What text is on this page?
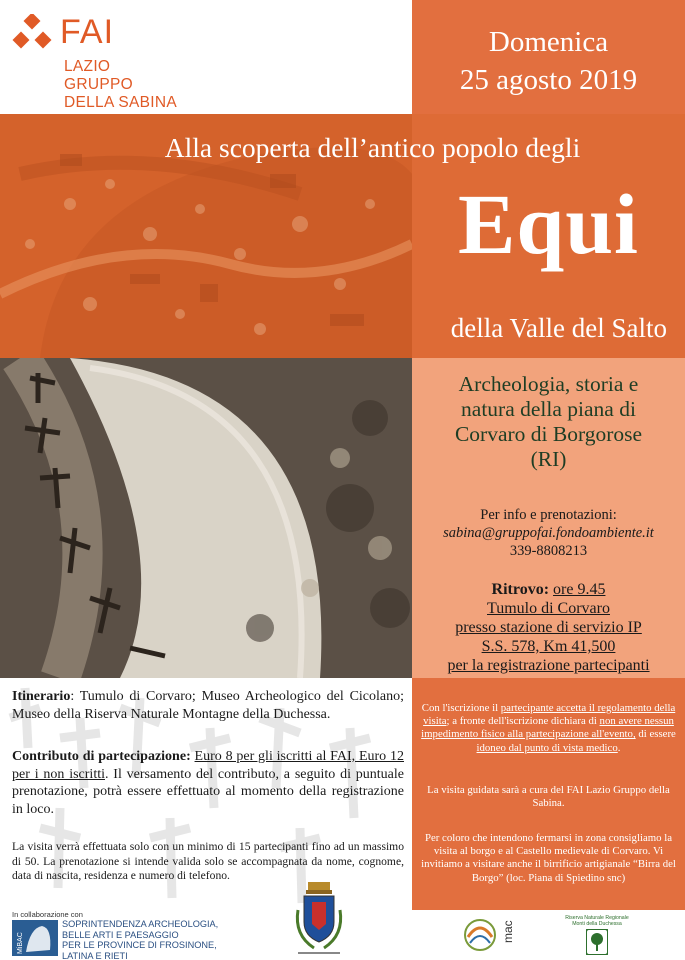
FAI
LAZIO
GRUPPO
DELLA SABINA
Domenica
25 agosto 2019
Alla scoperta dell’antico popolo degli
Equi
della Valle del Salto
Archeologia, storia e
natura della piana di
Corvaro di Borgorose
(RI)
Per info e prenotazioni:
sabina@gruppofai.fondoambiente.it
339-8808213
Ritrovo: ore 9.45
Tumulo di Corvaro
presso stazione di servizio IP
S.S. 578, Km 41,500
per la registrazione partecipanti
Itinerario: Tumulo di Corvaro; Museo Archeologico del Cicolano; Museo della Riserva Naturale Montagne della Duchessa.
Contributo di partecipazione: Euro 8 per gli iscritti al FAI, Euro 12 per i non iscritti. Il versamento del contributo, a seguito di puntuale prenotazione, potrà essere effettuato al momento della registrazione in loco.
La visita verrà effettuata solo con un minimo di 15 partecipanti fino ad un massimo di 50. La prenotazione si intende valida solo se accompagnata da nome, cognome, data di nascita, residenza e numero di telefono.
In collaborazione con
MiBAC
SOPRINTENDENZA ARCHEOLOGIA,
BELLE ARTI E PAESAGGIO
PER LE PROVINCE DI FROSINONE,
LATINA E RIETI
Con l'iscrizione il partecipante accetta il regolamento della visita; a fronte dell'iscrizione dichiara di non avere nessun impedimento fisico alla partecipazione all'evento, di essere idoneo dal punto di vista medico.
La visita guidata sarà a cura del FAI Lazio Gruppo della Sabina.
Per coloro che intendono fermarsi in zona consigliamo la visita al borgo e al Castello medievale di Corvaro. Vi invitiamo a visitare anche il birrificio artigianale “Birra del Borgo” (loc. Piana di Spiedino snc)
mac
Riserva Naturale Regionale
Monti della Duchessa
